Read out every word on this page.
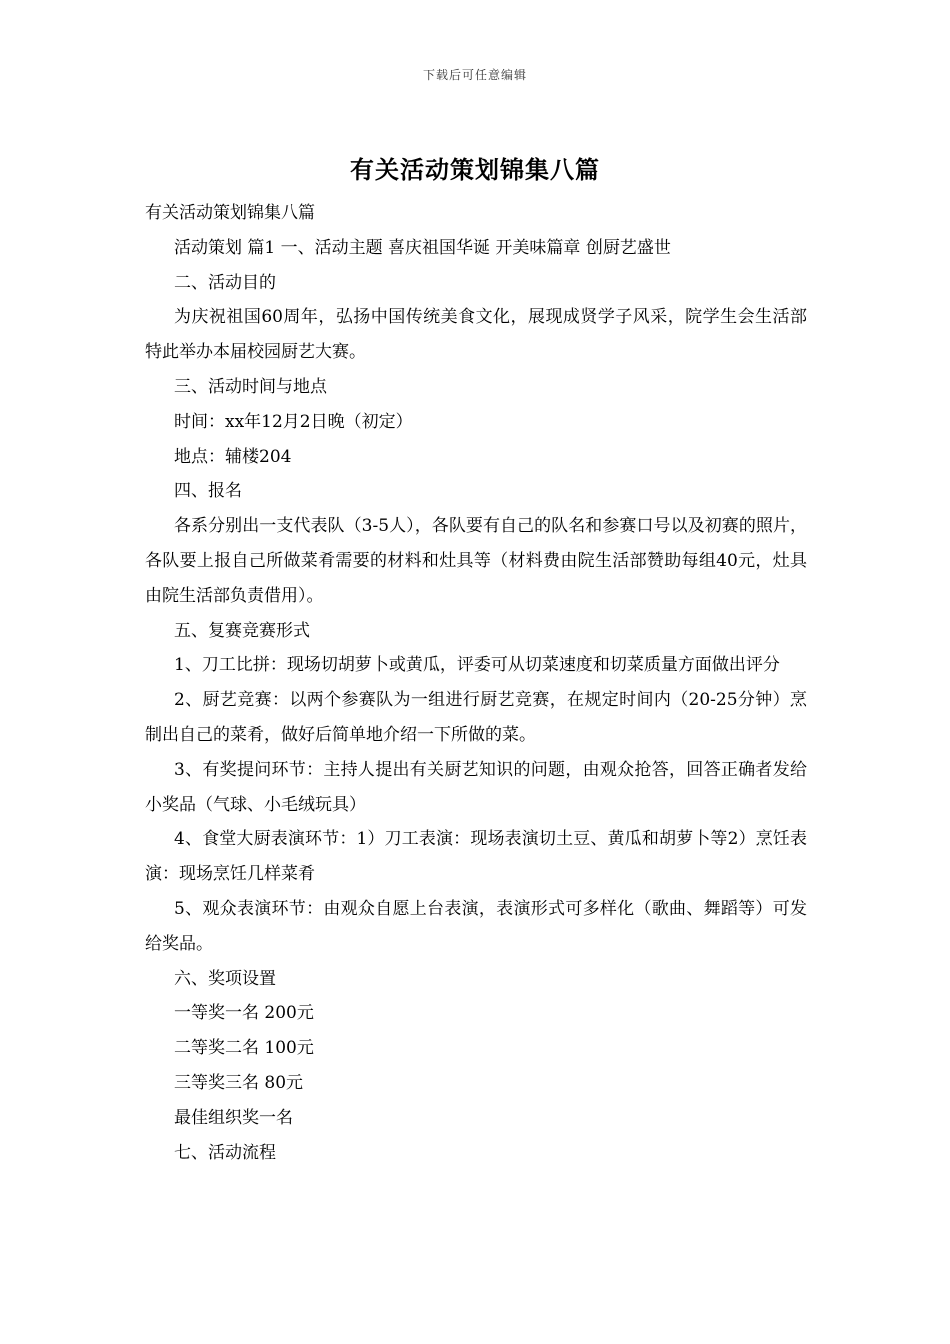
下载后可任意编辑
有关活动策划锦集八篇

有关活动策划锦集八篇

活动策划 篇1 一、活动主题 喜庆祖国华诞 开美味篇章 创厨艺盛世

二、活动目的

为庆祝祖国60周年，弘扬中国传统美食文化，展现成贤学子风采，院学生会生活部特此举办本届校园厨艺大赛。

三、活动时间与地点

时间：xx年12月2日晚（初定）

地点：辅楼204

四、报名

各系分别出一支代表队（3-5人），各队要有自己的队名和参赛口号以及初赛的照片，各队要上报自己所做菜肴需要的材料和灶具等（材料费由院生活部赞助每组40元，灶具由院生活部负责借用）。

五、复赛竞赛形式

1、刀工比拼：现场切胡萝卜或黄瓜，评委可从切菜速度和切菜质量方面做出评分

2、厨艺竞赛：以两个参赛队为一组进行厨艺竞赛，在规定时间内（20-25分钟）烹制出自己的菜肴，做好后简单地介绍一下所做的菜。

3、有奖提问环节：主持人提出有关厨艺知识的问题，由观众抢答，回答正确者发给小奖品（气球、小毛绒玩具）

4、食堂大厨表演环节：1）刀工表演：现场表演切土豆、黄瓜和胡萝卜等2）烹饪表演：现场烹饪几样菜肴

5、观众表演环节：由观众自愿上台表演，表演形式可多样化（歌曲、舞蹈等）可发给奖品。

六、奖项设置

一等奖一名 200元

二等奖二名 100元

三等奖三名 80元

最佳组织奖一名

七、活动流程
